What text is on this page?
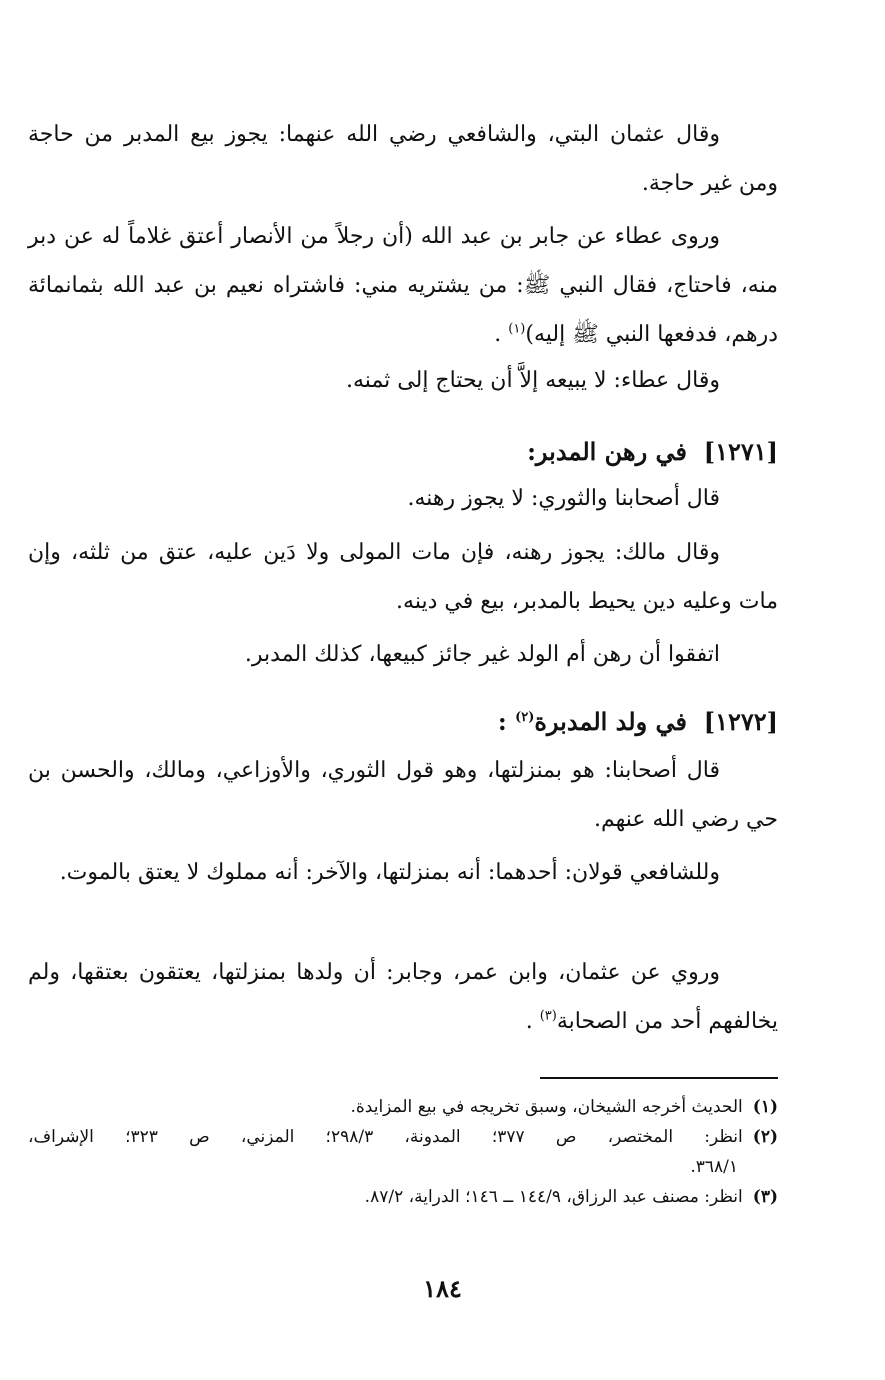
وقال عثمان البتي، والشافعي رضي الله عنهما: يجوز بيع المدبر من حاجة ومن غير حاجة.

وروى عطاء عن جابر بن عبد الله (أن رجلاً من الأنصار أعتق غلاماً له عن دبر منه، فاحتاج، فقال النبي ﷺ: من يشتريه مني: فاشتراه نعيم بن عبد الله بثمانمائة درهم، فدفعها النبي ﷺ إليه)$^{(١)}$ .

وقال عطاء: لا يبيعه إلاَّ أن يحتاج إلى ثمنه.

[١٢٧١]  في رهن المدبر:

قال أصحابنا والثوري: لا يجوز رهنه.

وقال مالك: يجوز رهنه، فإن مات المولى ولا دَين عليه، عتق من ثلثه، وإن مات وعليه دين يحيط بالمدبر، بيع في دينه.

اتفقوا أن رهن أم الولد غير جائز كبيعها، كذلك المدبر.

[١٢٧٢]  في ولد المدبرة$^{(٢)}$ :

قال أصحابنا: هو بمنزلتها، وهو قول الثوري، والأوزاعي، ومالك، والحسن بن حي رضي الله عنهم.

وللشافعي قولان: أحدهما: أنه بمنزلتها، والآخر: أنه مملوك لا يعتق بالموت.

وروي عن عثمان، وابن عمر، وجابر: أن ولدها بمنزلتها، يعتقون بعتقها، ولم يخالفهم أحد من الصحابة$^{(٣)}$ .

(١)الحديث أخرجه الشيخان، وسبق تخريجه في بيع المزايدة.

(٢)انظر: المختصر، ص ٣٧٧؛ المدونة، ٢٩٨/٣؛ المزني، ص ٣٢٣؛ الإشراف،

٣٦٨/١.

(٣)انظر: مصنف عبد الرزاق، ١٤٤/٩ ــ ١٤٦؛ الدراية، ٨٧/٢.

١٨٤
